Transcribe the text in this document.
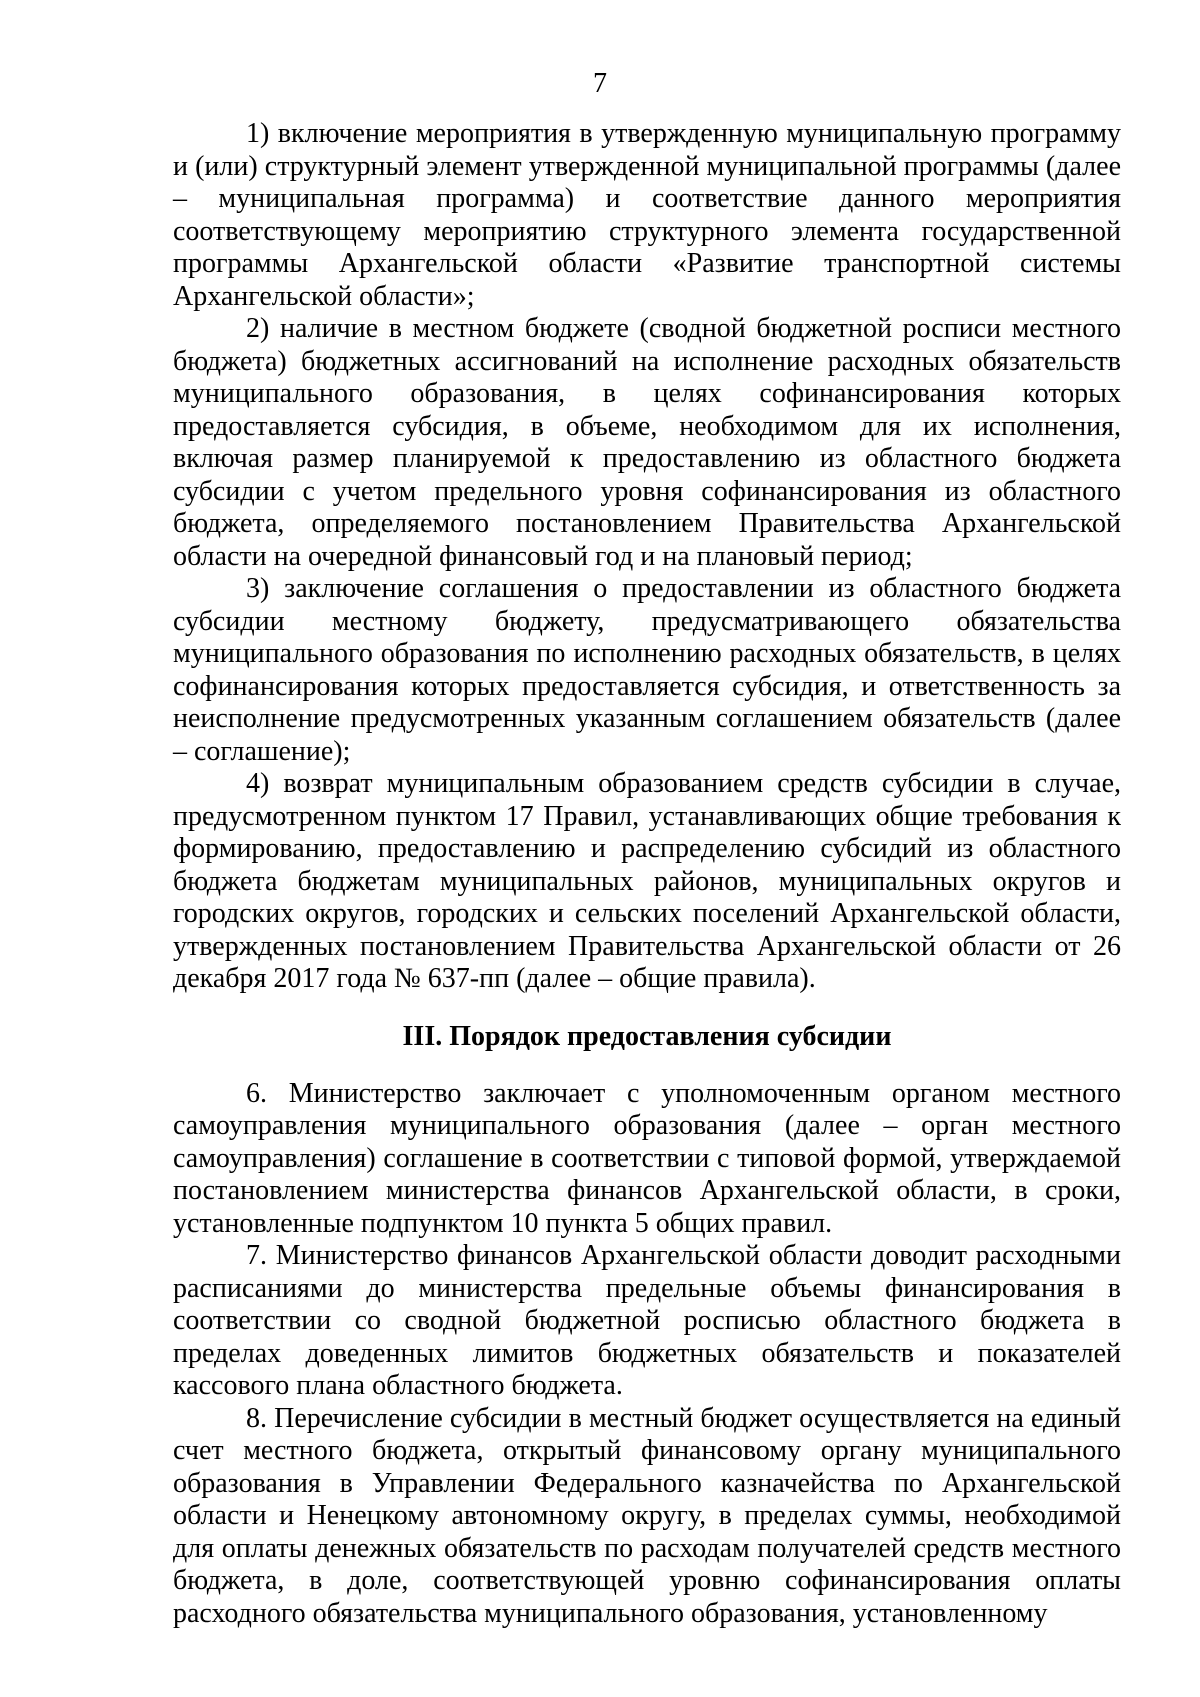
7

1) включение мероприятия в утвержденную муниципальную программу и (или) структурный элемент утвержденной муниципальной программы (далее – муниципальная программа) и соответствие данного мероприятия соответствующему мероприятию структурного элемента государственной программы Архангельской области «Развитие транспортной системы Архангельской области»;

2) наличие в местном бюджете (сводной бюджетной росписи местного бюджета) бюджетных ассигнований на исполнение расходных обязательств муниципального образования, в целях софинансирования которых предоставляется субсидия, в объеме, необходимом для их исполнения, включая размер планируемой к предоставлению из областного бюджета субсидии с учетом предельного уровня софинансирования из областного бюджета, определяемого постановлением Правительства Архангельской области на очередной финансовый год и на плановый период;

3) заключение соглашения о предоставлении из областного бюджета субсидии местному бюджету, предусматривающего обязательства муниципального образования по исполнению расходных обязательств, в целях софинансирования которых предоставляется субсидия, и ответственность за неисполнение предусмотренных указанным соглашением обязательств (далее – соглашение);

4) возврат муниципальным образованием средств субсидии в случае, предусмотренном пунктом 17 Правил, устанавливающих общие требования к формированию, предоставлению и распределению субсидий из областного бюджета бюджетам муниципальных районов, муниципальных округов и городских округов, городских и сельских поселений Архангельской области, утвержденных постановлением Правительства Архангельской области от 26 декабря 2017 года № 637-пп (далее – общие правила).

III. Порядок предоставления субсидии

6. Министерство заключает с уполномоченным органом местного самоуправления муниципального образования (далее – орган местного самоуправления) соглашение в соответствии с типовой формой, утверждаемой постановлением министерства финансов Архангельской области, в сроки, установленные подпунктом 10 пункта 5 общих правил.

7. Министерство финансов Архангельской области доводит расходными расписаниями до министерства предельные объемы финансирования в соответствии со сводной бюджетной росписью областного бюджета в пределах доведенных лимитов бюджетных обязательств и показателей кассового плана областного бюджета.

8. Перечисление субсидии в местный бюджет осуществляется на единый счет местного бюджета, открытый финансовому органу муниципального образования в Управлении Федерального казначейства по Архангельской области и Ненецкому автономному округу, в пределах суммы, необходимой для оплаты денежных обязательств по расходам получателей средств местного бюджета, в доле, соответствующей уровню софинансирования оплаты расходного обязательства муниципального образования, установленному
